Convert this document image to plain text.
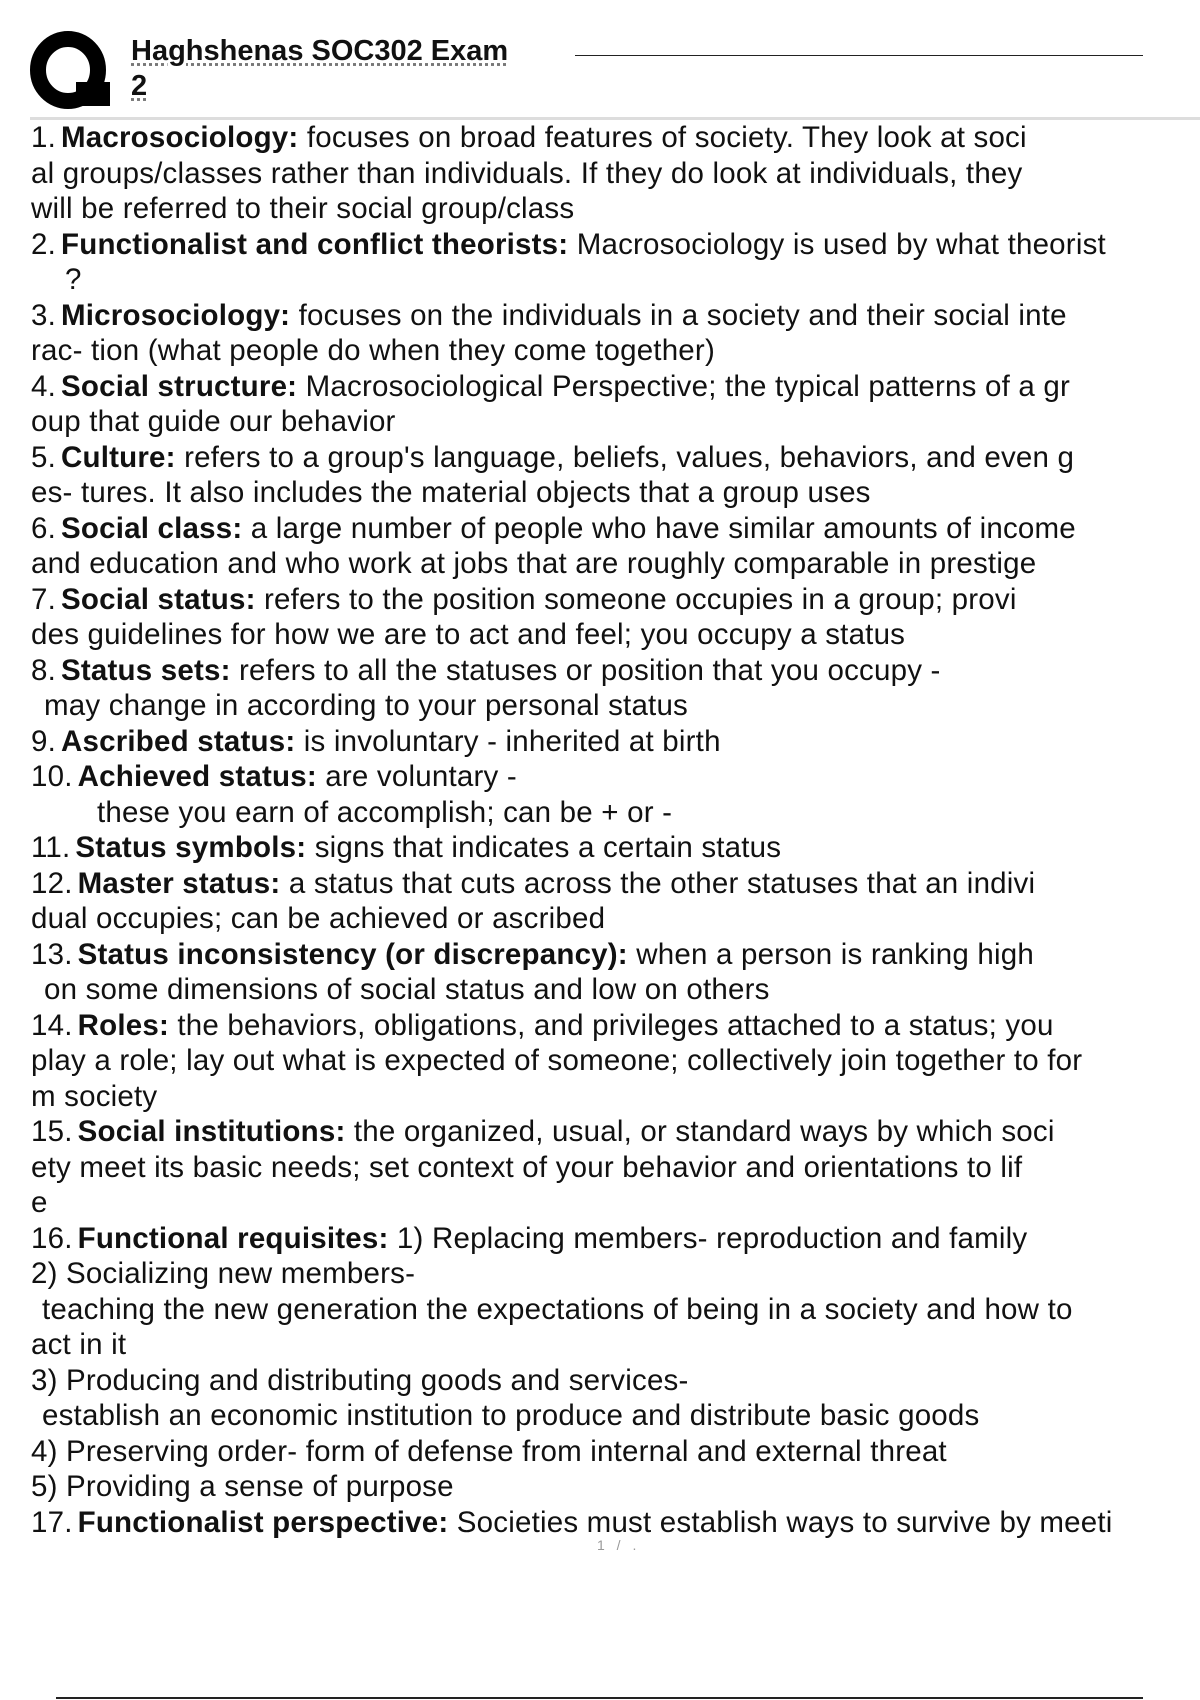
Haghshenas SOC302 Exam
2
1. Macrosociology: focuses on broad features of society. They look at soci
al groups/classes rather than individuals. If they do look at individuals, they
will be referred to their social group/class
2. Functionalist and conflict theorists: Macrosociology is used by what theorist
?
3. Microsociology: focuses on the individuals in a society and their social inte
rac- tion (what people do when they come together)
4. Social structure: Macrosociological Perspective; the typical patterns of a gr
oup that guide our behavior
5. Culture: refers to a group's language, beliefs, values, behaviors, and even g
es- tures. It also includes the material objects that a group uses
6. Social class: a large number of people who have similar amounts of income
and education and who work at jobs that are roughly comparable in prestige
7. Social status: refers to the position someone occupies in a group; provi
des guidelines for how we are to act and feel; you occupy a status
8. Status sets: refers to all the statuses or position that you occupy -
may change in according to your personal status
9. Ascribed status: is involuntary - inherited at birth
10. Achieved status: are voluntary -
these you earn of accomplish; can be + or -
11. Status symbols: signs that indicates a certain status
12. Master status: a status that cuts across the other statuses that an indivi
dual occupies; can be achieved or ascribed
13. Status inconsistency (or discrepancy): when a person is ranking high
on some dimensions of social status and low on others
14. Roles: the behaviors, obligations, and privileges attached to a status; you
play a role; lay out what is expected of someone; collectively join together to for
m society
15. Social institutions: the organized, usual, or standard ways by which soci
ety meet its basic needs; set context of your behavior and orientations to lif
e
16. Functional requisites: 1) Replacing members- reproduction and family
2) Socializing new members-
teaching the new generation the expectations of being in a society and how to
act in it
3) Producing and distributing goods and services-
establish an economic institution to produce and distribute basic goods
4) Preserving order- form of defense from internal and external threat
5) Providing a sense of purpose
17. Functionalist perspective: Societies must establish ways to survive by meeti
1 / .
